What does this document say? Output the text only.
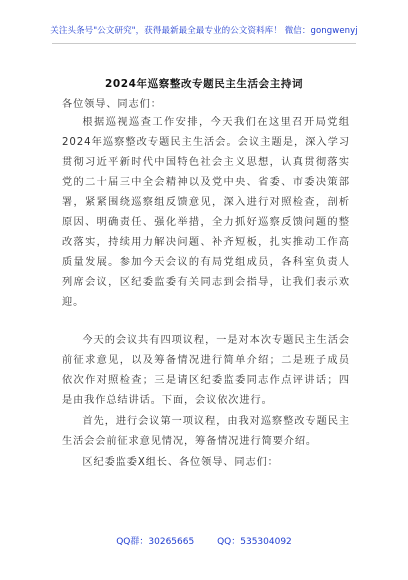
关注头条号"公文研究"，获得最新最全最专业的公文资料库！ 微信：gongwenyj
2024年巡察整改专题民主生活会主持词

各位领导、同志们：

根据巡视巡查工作安排，今天我们在这里召开局党组2024年巡察整改专题民主生活会。会议主题是，深入学习贯彻习近平新时代中国特色社会主义思想，认真贯彻落实党的二十届三中全会精神以及党中央、省委、市委决策部署，紧紧围绕巡察组反馈意见，深入进行对照检查，剖析原因、明确责任、强化举措，全力抓好巡察反馈问题的整改落实，持续用力解决问题、补齐短板，扎实推动工作高质量发展。参加今天会议的有局党组成员，各科室负责人列席会议，区纪委监委有关同志到会指导，让我们表示欢迎。

今天的会议共有四项议程，一是对本次专题民主生活会前征求意见，以及筹备情况进行简单介绍；二是班子成员依次作对照检查；三是请区纪委监委同志作点评讲话；四是由我作总结讲话。下面，会议依次进行。

首先，进行会议第一项议程，由我对巡察整改专题民主生活会会前征求意见情况，筹备情况进行简要介绍。

区纪委监委X组长、各位领导、同志们：

QQ群：30265665	QQ：535304092
